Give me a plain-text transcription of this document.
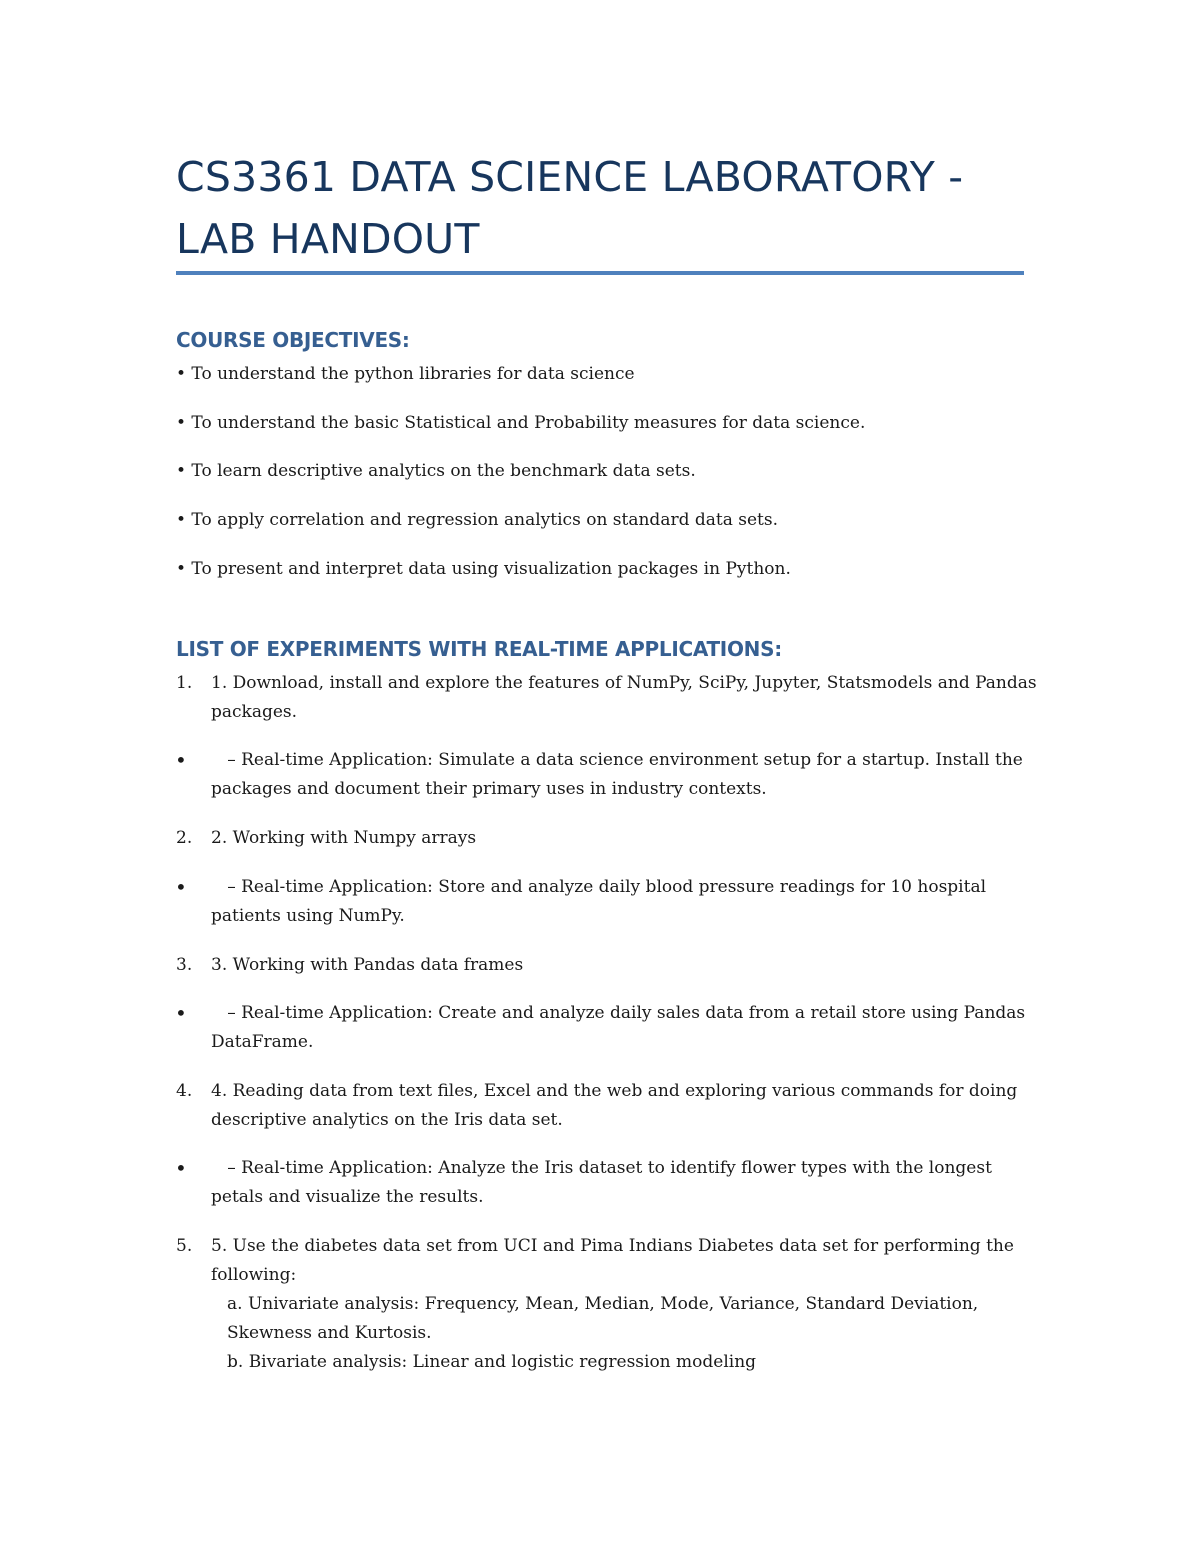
CS3361 DATA SCIENCE LABORATORY - LAB HANDOUT
COURSE OBJECTIVES:
• To understand the python libraries for data science
• To understand the basic Statistical and Probability measures for data science.
• To learn descriptive analytics on the benchmark data sets.
• To apply correlation and regression analytics on standard data sets.
• To present and interpret data using visualization packages in Python.
LIST OF EXPERIMENTS WITH REAL-TIME APPLICATIONS:
1. 1. Download, install and explore the features of NumPy, SciPy, Jupyter, Statsmodels and Pandas packages.
• – Real-time Application: Simulate a data science environment setup for a startup. Install the packages and document their primary uses in industry contexts.
2. 2. Working with Numpy arrays
• – Real-time Application: Store and analyze daily blood pressure readings for 10 hospital patients using NumPy.
3. 3. Working with Pandas data frames
• – Real-time Application: Create and analyze daily sales data from a retail store using Pandas DataFrame.
4. 4. Reading data from text files, Excel and the web and exploring various commands for doing descriptive analytics on the Iris data set.
• – Real-time Application: Analyze the Iris dataset to identify flower types with the longest petals and visualize the results.
5. 5. Use the diabetes data set from UCI and Pima Indians Diabetes data set for performing the following:
a. Univariate analysis: Frequency, Mean, Median, Mode, Variance, Standard Deviation, Skewness and Kurtosis.
b. Bivariate analysis: Linear and logistic regression modeling
